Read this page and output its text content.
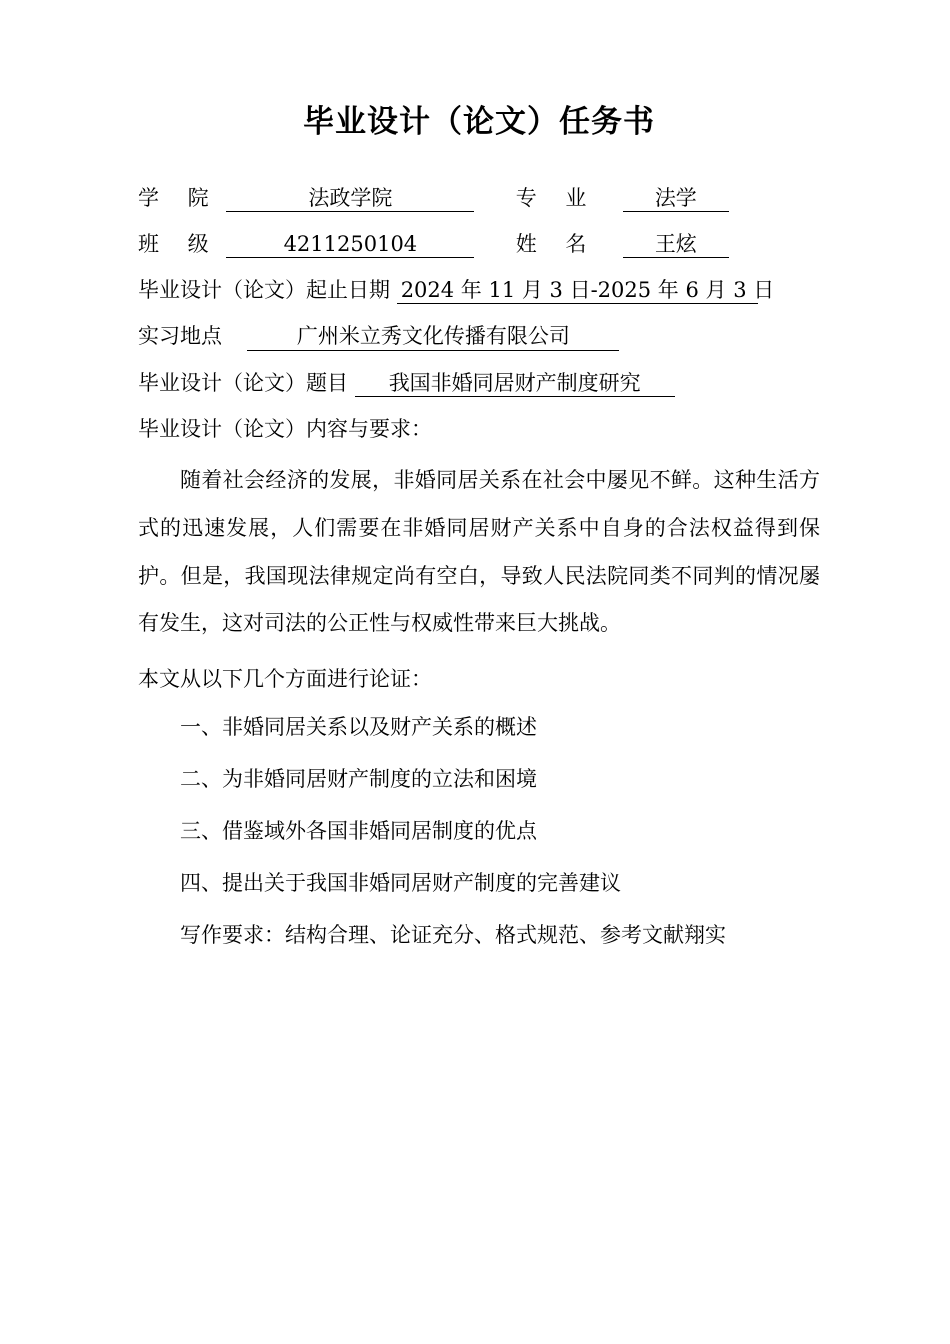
毕业设计（论文）任务书
学 院	法政学院	专 业	法学
班 级	4211250104	姓 名	王炫
毕业设计（论文）起止日期 2024 年 11 月 3 日-2025 年 6 月 3 日
实习地点	广州米立秀文化传播有限公司
毕业设计（论文）题目 我国非婚同居财产制度研究
毕业设计（论文）内容与要求：

随着社会经济的发展，非婚同居关系在社会中屡见不鲜。这种生活方式的迅速发展，人们需要在非婚同居财产关系中自身的合法权益得到保护。但是，我国现法律规定尚有空白，导致人民法院同类不同判的情况屡有发生，这对司法的公正性与权威性带来巨大挑战。

本文从以下几个方面进行论证：
一、非婚同居关系以及财产关系的概述
二、为非婚同居财产制度的立法和困境
三、借鉴域外各国非婚同居制度的优点
四、提出关于我国非婚同居财产制度的完善建议
写作要求：结构合理、论证充分、格式规范、参考文献翔实
